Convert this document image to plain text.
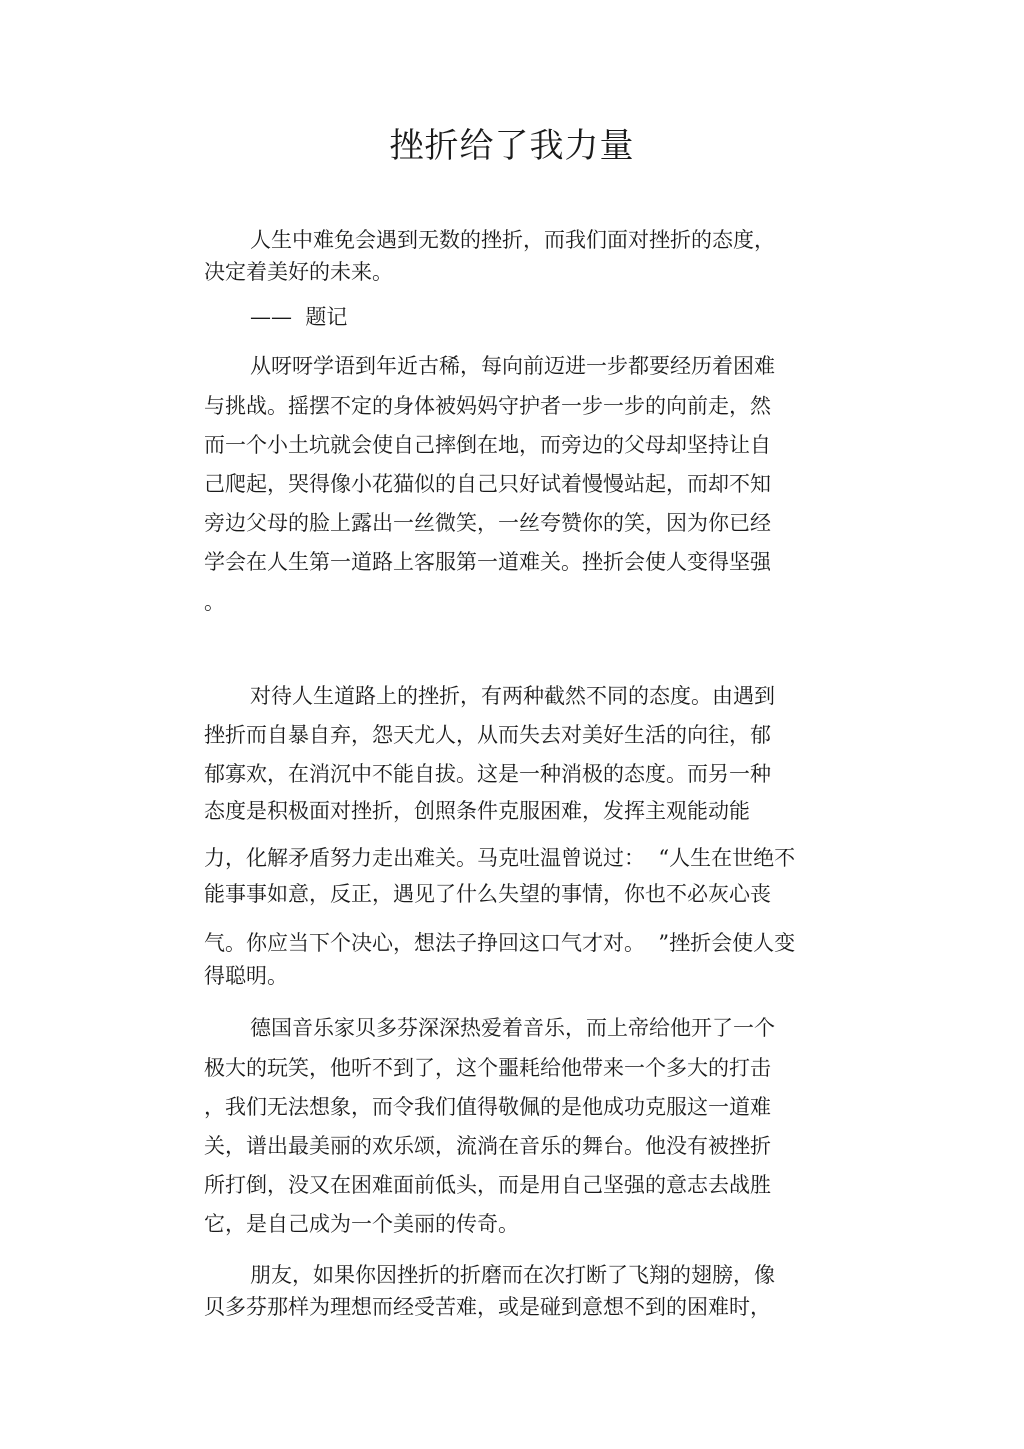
挫折给了我力量
人生中难免会遇到无数的挫折，而我们面对挫折的态度，
决定着美好的未来。
——  题记
从呀呀学语到年近古稀，每向前迈进一步都要经历着困难
与挑战。摇摆不定的身体被妈妈守护者一步一步的向前走，然
而一个小土坑就会使自己摔倒在地，而旁边的父母却坚持让自
己爬起，哭得像小花猫似的自己只好试着慢慢站起，而却不知
旁边父母的脸上露出一丝微笑，一丝夸赞你的笑，因为你已经
学会在人生第一道路上客服第一道难关。挫折会使人变得坚强
。
对待人生道路上的挫折，有两种截然不同的态度。由遇到
挫折而自暴自弃，怨天尤人，从而失去对美好生活的向往，郁
郁寡欢，在消沉中不能自拔。这是一种消极的态度。而另一种
态度是积极面对挫折，创照条件克服困难，发挥主观能动能
力，化解矛盾努力走出难关。马克吐温曾说过：  “人生在世绝不
能事事如意，反正，遇见了什么失望的事情，你也不必灰心丧
气。你应当下个决心，想法子挣回这口气才对。  ”挫折会使人变
得聪明。
德国音乐家贝多芬深深热爱着音乐，而上帝给他开了一个
极大的玩笑，他听不到了，这个噩耗给他带来一个多大的打击
，我们无法想象，而令我们值得敬佩的是他成功克服这一道难
关，谱出最美丽的欢乐颂，流淌在音乐的舞台。他没有被挫折
所打倒，没又在困难面前低头，而是用自己坚强的意志去战胜
它，是自己成为一个美丽的传奇。
朋友，如果你因挫折的折磨而在次打断了飞翔的翅膀，像
贝多芬那样为理想而经受苦难，或是碰到意想不到的困难时，
